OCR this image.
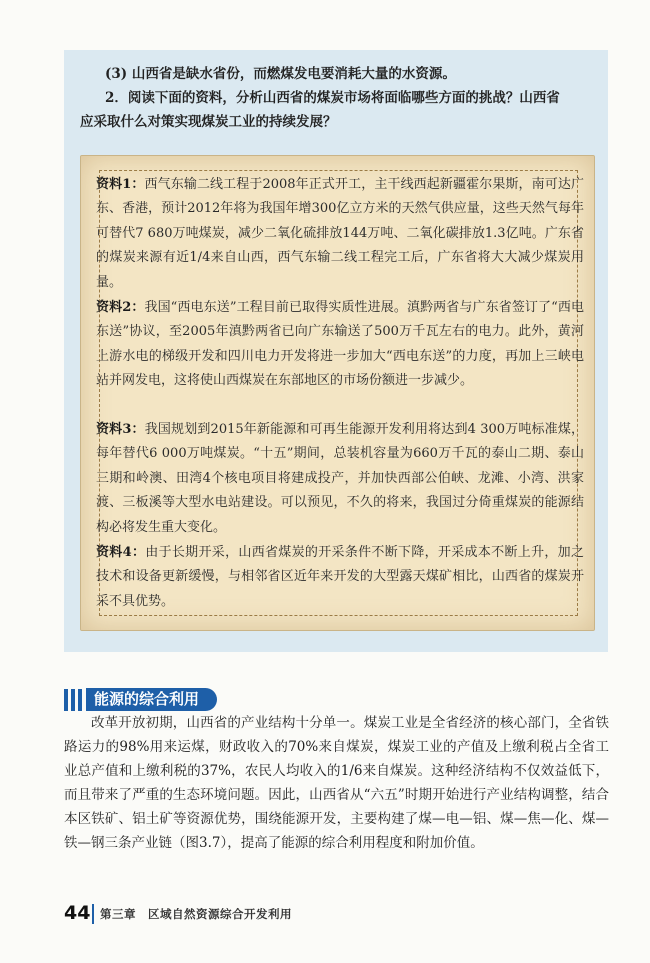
(3) 山西省是缺水省份，而燃煤发电要消耗大量的水资源。

2．阅读下面的资料，分析山西省的煤炭市场将面临哪些方面的挑战？山西省

应采取什么对策实现煤炭工业的持续发展？

资料1：西气东输二线工程于2008年正式开工，主干线西起新疆霍尔果斯，南可达广东、香港，预计2012年将为我国年增300亿立方米的天然气供应量，这些天然气每年可替代7 680万吨煤炭，减少二氧化硫排放144万吨、二氧化碳排放1.3亿吨。广东省的煤炭来源有近1/4来自山西，西气东输二线工程完工后，广东省将大大减少煤炭用量。

资料2：我国“西电东送”工程目前已取得实质性进展。滇黔两省与广东省签订了“西电东送”协议，至2005年滇黔两省已向广东输送了500万千瓦左右的电力。此外，黄河上游水电的梯级开发和四川电力开发将进一步加大“西电东送”的力度，再加上三峡电站并网发电，这将使山西煤炭在东部地区的市场份额进一步减少。

资料3：我国规划到2015年新能源和可再生能源开发利用将达到4 300万吨标准煤，每年替代6 000万吨煤炭。“十五”期间，总装机容量为660万千瓦的泰山二期、泰山三期和岭澳、田湾4个核电项目将建成投产，并加快西部公伯峡、龙滩、小湾、洪家渡、三板溪等大型水电站建设。可以预见，不久的将来，我国过分倚重煤炭的能源结构必将发生重大变化。

资料4：由于长期开采，山西省煤炭的开采条件不断下降，开采成本不断上升，加之技术和设备更新缓慢，与相邻省区近年来开发的大型露天煤矿相比，山西省的煤炭开采不具优势。

能源的综合利用

改革开放初期，山西省的产业结构十分单一。煤炭工业是全省经济的核心部门，全省铁路运力的98%用来运煤，财政收入的70%来自煤炭，煤炭工业的产值及上缴利税占全省工业总产值和上缴利税的37%，农民人均收入的1/6来自煤炭。这种经济结构不仅效益低下，而且带来了严重的生态环境问题。因此，山西省从“六五”时期开始进行产业结构调整，结合本区铁矿、铝土矿等资源优势，围绕能源开发，主要构建了煤—电—铝、煤—焦—化、煤—铁—钢三条产业链（图3.7），提高了能源的综合利用程度和附加价值。

44 第三章　区域自然资源综合开发利用
